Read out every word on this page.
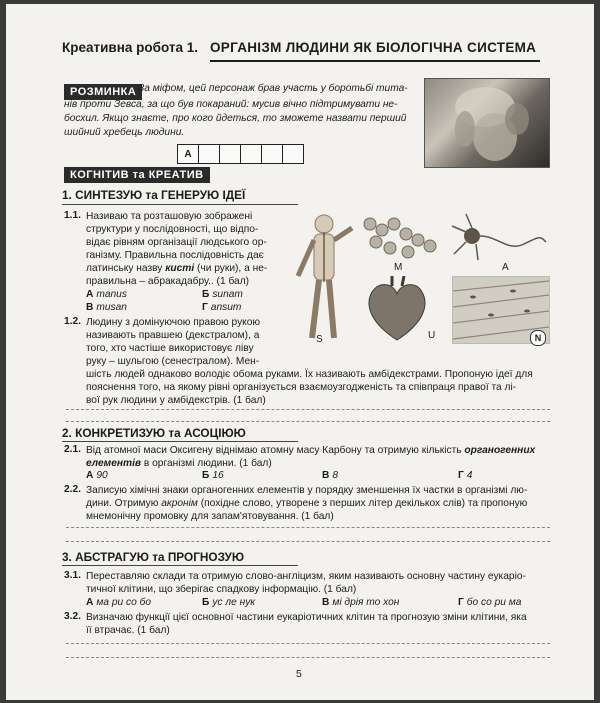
Креативна робота 1. ОРГАНІЗМ ЛЮДИНИ ЯК БІОЛОГІЧНА СИСТЕМА
РОЗМИНКА За міфом, цей персонаж брав участь у боротьбі тита-
нів проти Зевса, за що був покараний: мусив вічно підтримувати не-
босхил. Якщо знаєте, про кого йдеться, то зможете назвати перший
шийний хребець людини.
А
КОГНІТИВ та КРЕАТИВ
1. СИНТЕЗУЮ та ГЕНЕРУЮ ІДЕЇ
1.1. Називаю та розташовую зображені
структури у послідовності, що відпо-
відає рівням організації людського ор-
ганізму. Правильна послідовність дає
латинську назву кисті (чи руки), а не-
правильна – абракадабру.. (1 бал)
А manus	Б sunam
В musan	Г ansum
1.2. Людину з домінуючою правою рукою
називають правшею (декстралом), а
того, хто частіше використовує ліву
руку – шульгою (сенестралом). Мен-
шість людей однаково володіє обома руками. Їх називають амбідекстрами. Пропоную ідеї для
пояснення того, на якому рівні організується взаємоузгодженість та співпраця правої та лі-
вої рук людини у амбідекстрів. (1 бал)
S
M	A
U	N
2. КОНКРЕТИЗУЮ та АСОЦІЮЮ
2.1. Від атомної маси Оксигену віднімаю атомну масу Карбону та отримую кількість органогенних
елементів в організмі людини. (1 бал)
А 90	Б 16	В 8	Г 4
2.2. Записую хімічні знаки органогенних елементів у порядку зменшення їх частки в організмі лю-
дини. Отримую акронім (похідне слово, утворене з перших літер декількох слів) та пропоную
мнемонічну промовку для запам'ятовування. (1 бал)
3. АБСТРАГУЮ та ПРОГНОЗУЮ
3.1. Переставляю склади та отримую слово-англіцизм, яким називають основну частину еукаріо-
тичної клітини, що зберігає спадкову інформацію. (1 бал)
А ма ри со бо	Б ус ле нук	В мі дрія то хон	Г бо со ри ма
3.2. Визначаю функції цієї основної частини еукаріотичних клітин та прогнозую зміни клітини, яка
її втрачає. (1 бал)
5
